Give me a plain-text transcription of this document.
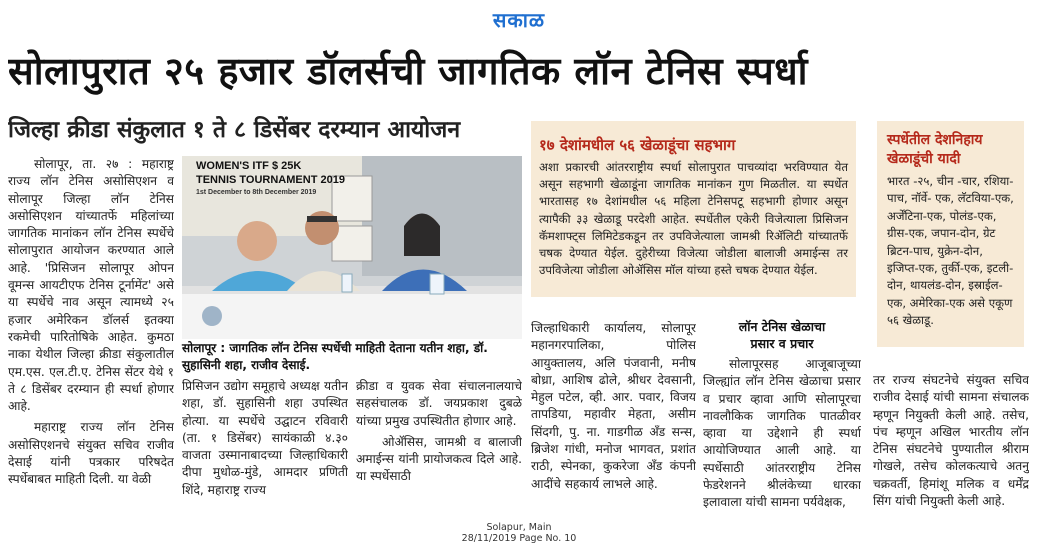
सकाळ
सोलापुरात २५ हजार डॉलर्सची जागतिक लॉन टेनिस स्पर्धा
जिल्हा क्रीडा संकुलात १ ते ८ डिसेंबर दरम्यान आयोजन

सोलापूर, ता. २७ : महाराष्ट्र राज्य लॉन टेनिस असोसिएशन व सोलापूर जिल्हा लॉन टेनिस असोसिएशन यांच्यातर्फे महिलांच्या जागतिक मानांकन लॉन टेनिस स्पर्धेचे सोलापुरात आयोजन करण्यात आले आहे. 'प्रिसिजन सोलापूर ओपन वूमन्स आयटीएफ टेनिस टूर्नामेंट' असे या स्पर्धेचे नाव असून त्यामध्ये २५ हजार अमेरिकन डॉलर्स इतक्या रकमेची पारितोषिके आहेत. कुमठा नाका येथील जिल्हा क्रीडा संकुलातील एम.एस. एल.टी.ए. टेनिस सेंटर येथे १ ते ८ डिसेंबर दरम्यान ही स्पर्धा होणार आहे.

महाराष्ट्र राज्य लॉन टेनिस असोसिएशनचे संयुक्त सचिव राजीव देसाई यांनी पत्रकार परिषदेत स्पर्धेबाबत माहिती दिली. या वेळी

WOMEN'S ITF $ 25K
TENNIS TOURNAMENT 2019
1st December to 8th December 2019
सोलापूर : जागतिक लॉन टेनिस स्पर्धेची माहिती देताना यतीन शहा, डॉ. सुहासिनी शहा, राजीव देसाई.

प्रिसिजन उद्योग समूहाचे अध्यक्ष यतीन शहा, डॉ. सुहासिनी शहा उपस्थित होत्या. या स्पर्धेचे उद्घाटन रविवारी (ता. १ डिसेंबर) सायंकाळी ४.३० वाजता उस्मानाबादच्या जिल्हाधिकारी दीपा मुधोळ-मुंडे, आमदार प्रणिती शिंदे, महाराष्ट्र राज्य

क्रीडा व युवक सेवा संचालनालयाचे सहसंचालक डॉ. जयप्रकाश दुबळे यांच्या प्रमुख उपस्थितीत होणार आहे.

ओॲसिस, जामश्री व बालाजी अमाईन्स यांनी प्रायोजकत्व दिले आहे. या स्पर्धेसाठी

१७ देशांमधील ५६ खेळाडूंचा सहभाग
अशा प्रकारची आंतरराष्ट्रीय स्पर्धा सोलापुरात पाचव्यांदा भरविण्यात येत असून सहभागी खेळाडूंना जागतिक मानांकन गुण मिळतील. या स्पर्धेत भारतासह १७ देशांमधील ५६ महिला टेनिसपटू सहभागी होणार असून त्यापैकी ३३ खेळाडू परदेशी आहेत. स्पर्धेतील एकेरी विजेत्याला प्रिसिजन कॅमशाफ्ट्स लिमिटेडकडून तर उपविजेत्याला जामश्री रिॲलिटी यांच्यातर्फे चषक देण्यात येईल. दुहेरीच्या विजेत्या जोडीला बालाजी अमाईन्स तर उपविजेत्या जोडीला ओॲसिस मॉल यांच्या हस्ते चषक देण्यात येईल.

जिल्हाधिकारी कार्यालय, सोलापूर महानगरपालिका, पोलिस आयुक्तालय, अलि पंजवानी, मनीष बोध्रा, आशिष ढोले, श्रीधर देवसानी, मेहुल पटेल, व्ही. आर. पवार, विजय तापडिया, महावीर मेहता, असीम सिंदगी, पु. ना. गाडगीळ अँड सन्स, ब्रिजेश गांधी, मनोज भागवत, प्रशांत राठी, स्पेनका, कुकरेजा अँड कंपनी आदींचे सहकार्य लाभले आहे.

लॉन टेनिस खेळाचा
प्रसार व प्रचार

सोलापूरसह आजूबाजूच्या जिल्ह्यांत लॉन टेनिस खेळाचा प्रसार व प्रचार व्हावा आणि सोलापूरचा नावलौकिक जागतिक पातळीवर व्हावा या उद्देशाने ही स्पर्धा आयोजिण्यात आली आहे. या स्पर्धेसाठी आंतरराष्ट्रीय टेनिस फेडरेशनने श्रीलंकेच्या धारका इलावाला यांची सामना पर्यवेक्षक,

स्पर्धेतील देशनिहाय खेळाडूंची यादी
भारत -२५, चीन -चार, रशिया-पाच, नॉर्वे- एक, लॅटविया-एक, अर्जेंटिना-एक, पोलंड-एक, ग्रीस-एक, जपान-दोन, ग्रेट ब्रिटन-पाच, युक्रेन-दोन, इजिप्त-एक, तुर्की-एक, इटली-दोन, थायलंड-दोन, इस्राईल-एक, अमेरिका-एक असे एकूण ५६ खेळाडू.

तर राज्य संघटनेचे संयुक्त सचिव राजीव देसाई यांची सामना संचालक म्हणून नियुक्ती केली आहे. तसेच, पंच म्हणून अखिल भारतीय लॉन टेनिस संघटनेचे पुण्यातील श्रीराम गोखले, तसेच कोलकत्याचे अतनु चक्रवर्ती, हिमांशू मलिक व धर्मेंद्र सिंग यांची नियुक्ती केली आहे.

Solapur, Main
28/11/2019 Page No. 10
